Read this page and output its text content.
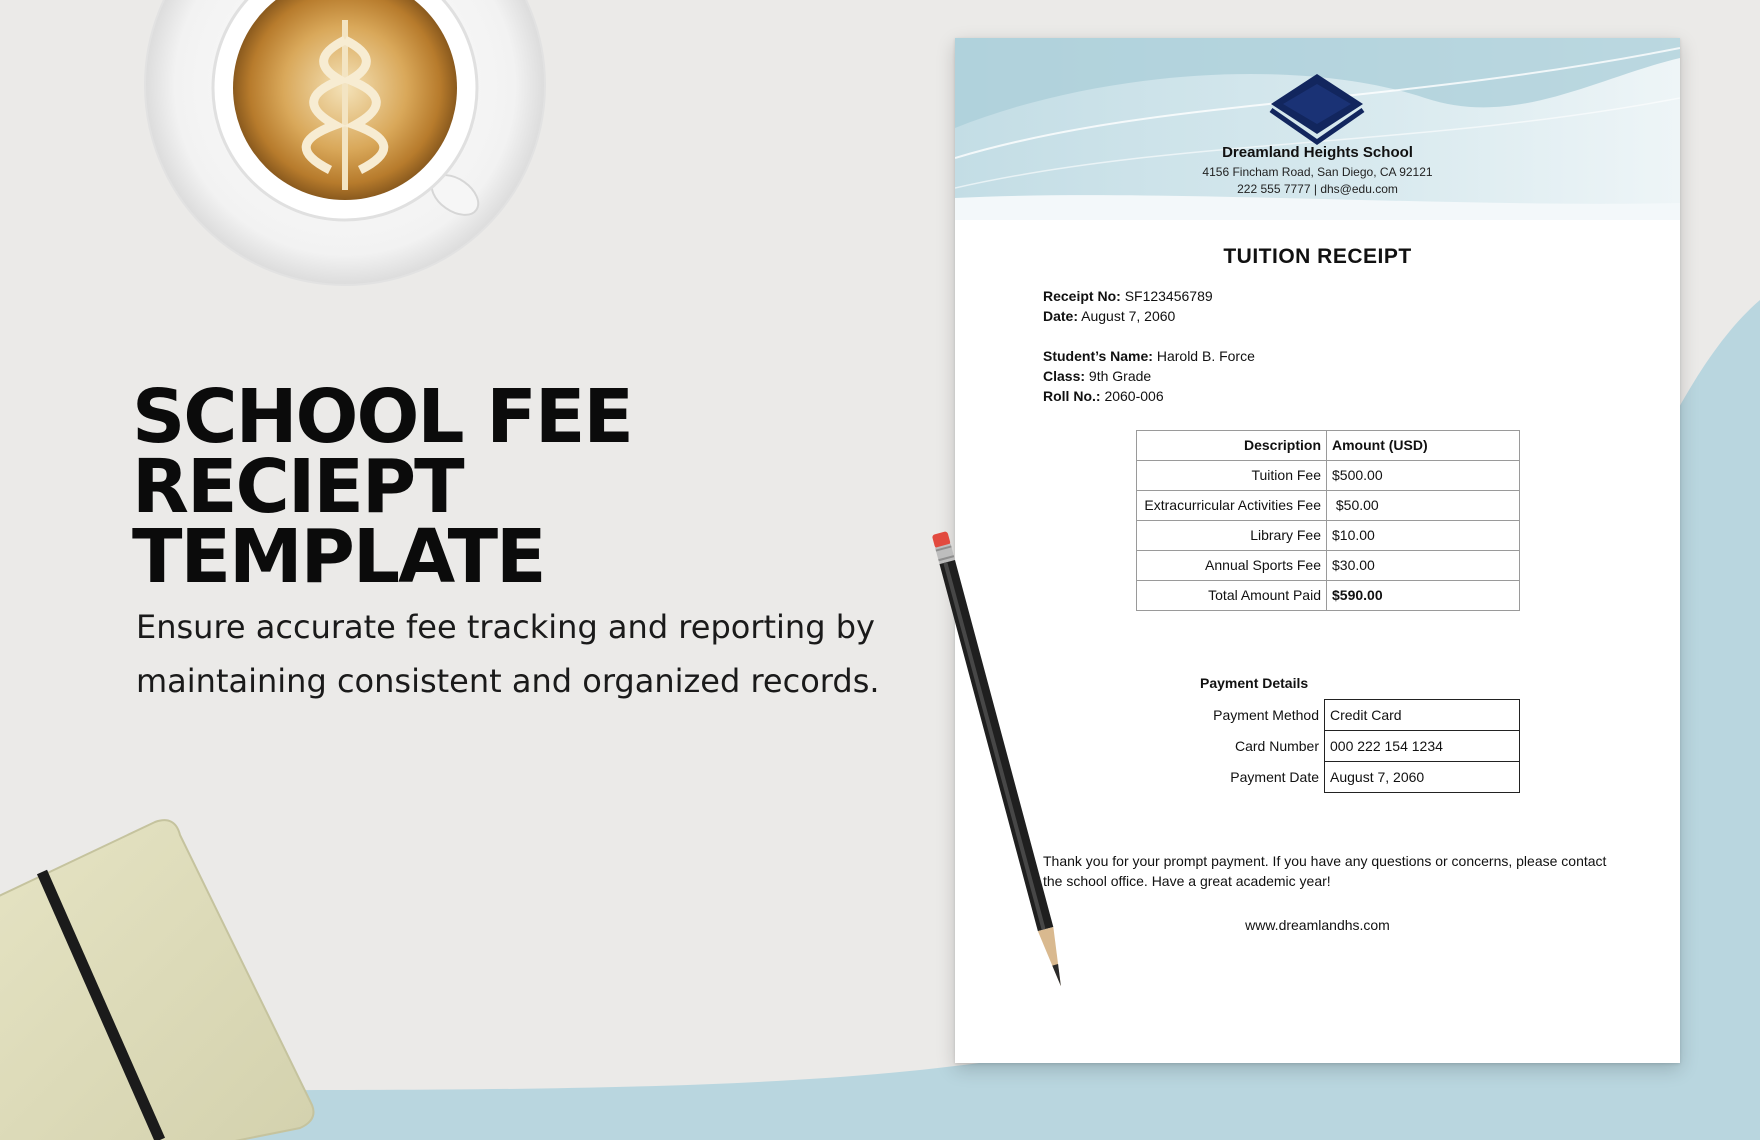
SCHOOL FEE
RECIEPT
TEMPLATE

Ensure accurate fee tracking and reporting by maintaining consistent and organized records.

Dreamland Heights School
4156 Fincham Road, San Diego, CA 92121
222 555 7777 | dhs@edu.com
TUITION RECEIPT
Receipt No: SF123456789
Date: August 7, 2060
Student’s Name: Harold B. Force
Class: 9th Grade
Roll No.: 2060-006
Description	Amount (USD)
Tuition Fee	$500.00
Extracurricular Activities Fee	$50.00
Library Fee	$10.00
Annual Sports Fee	$30.00
Total Amount Paid	$590.00
Payment Details
Payment Method	Credit Card
Card Number	000 222 154 1234
Payment Date	August 7, 2060
Thank you for your prompt payment. If you have any questions or concerns, please contact the school office. Have a great academic year!
www.dreamlandhs.com
